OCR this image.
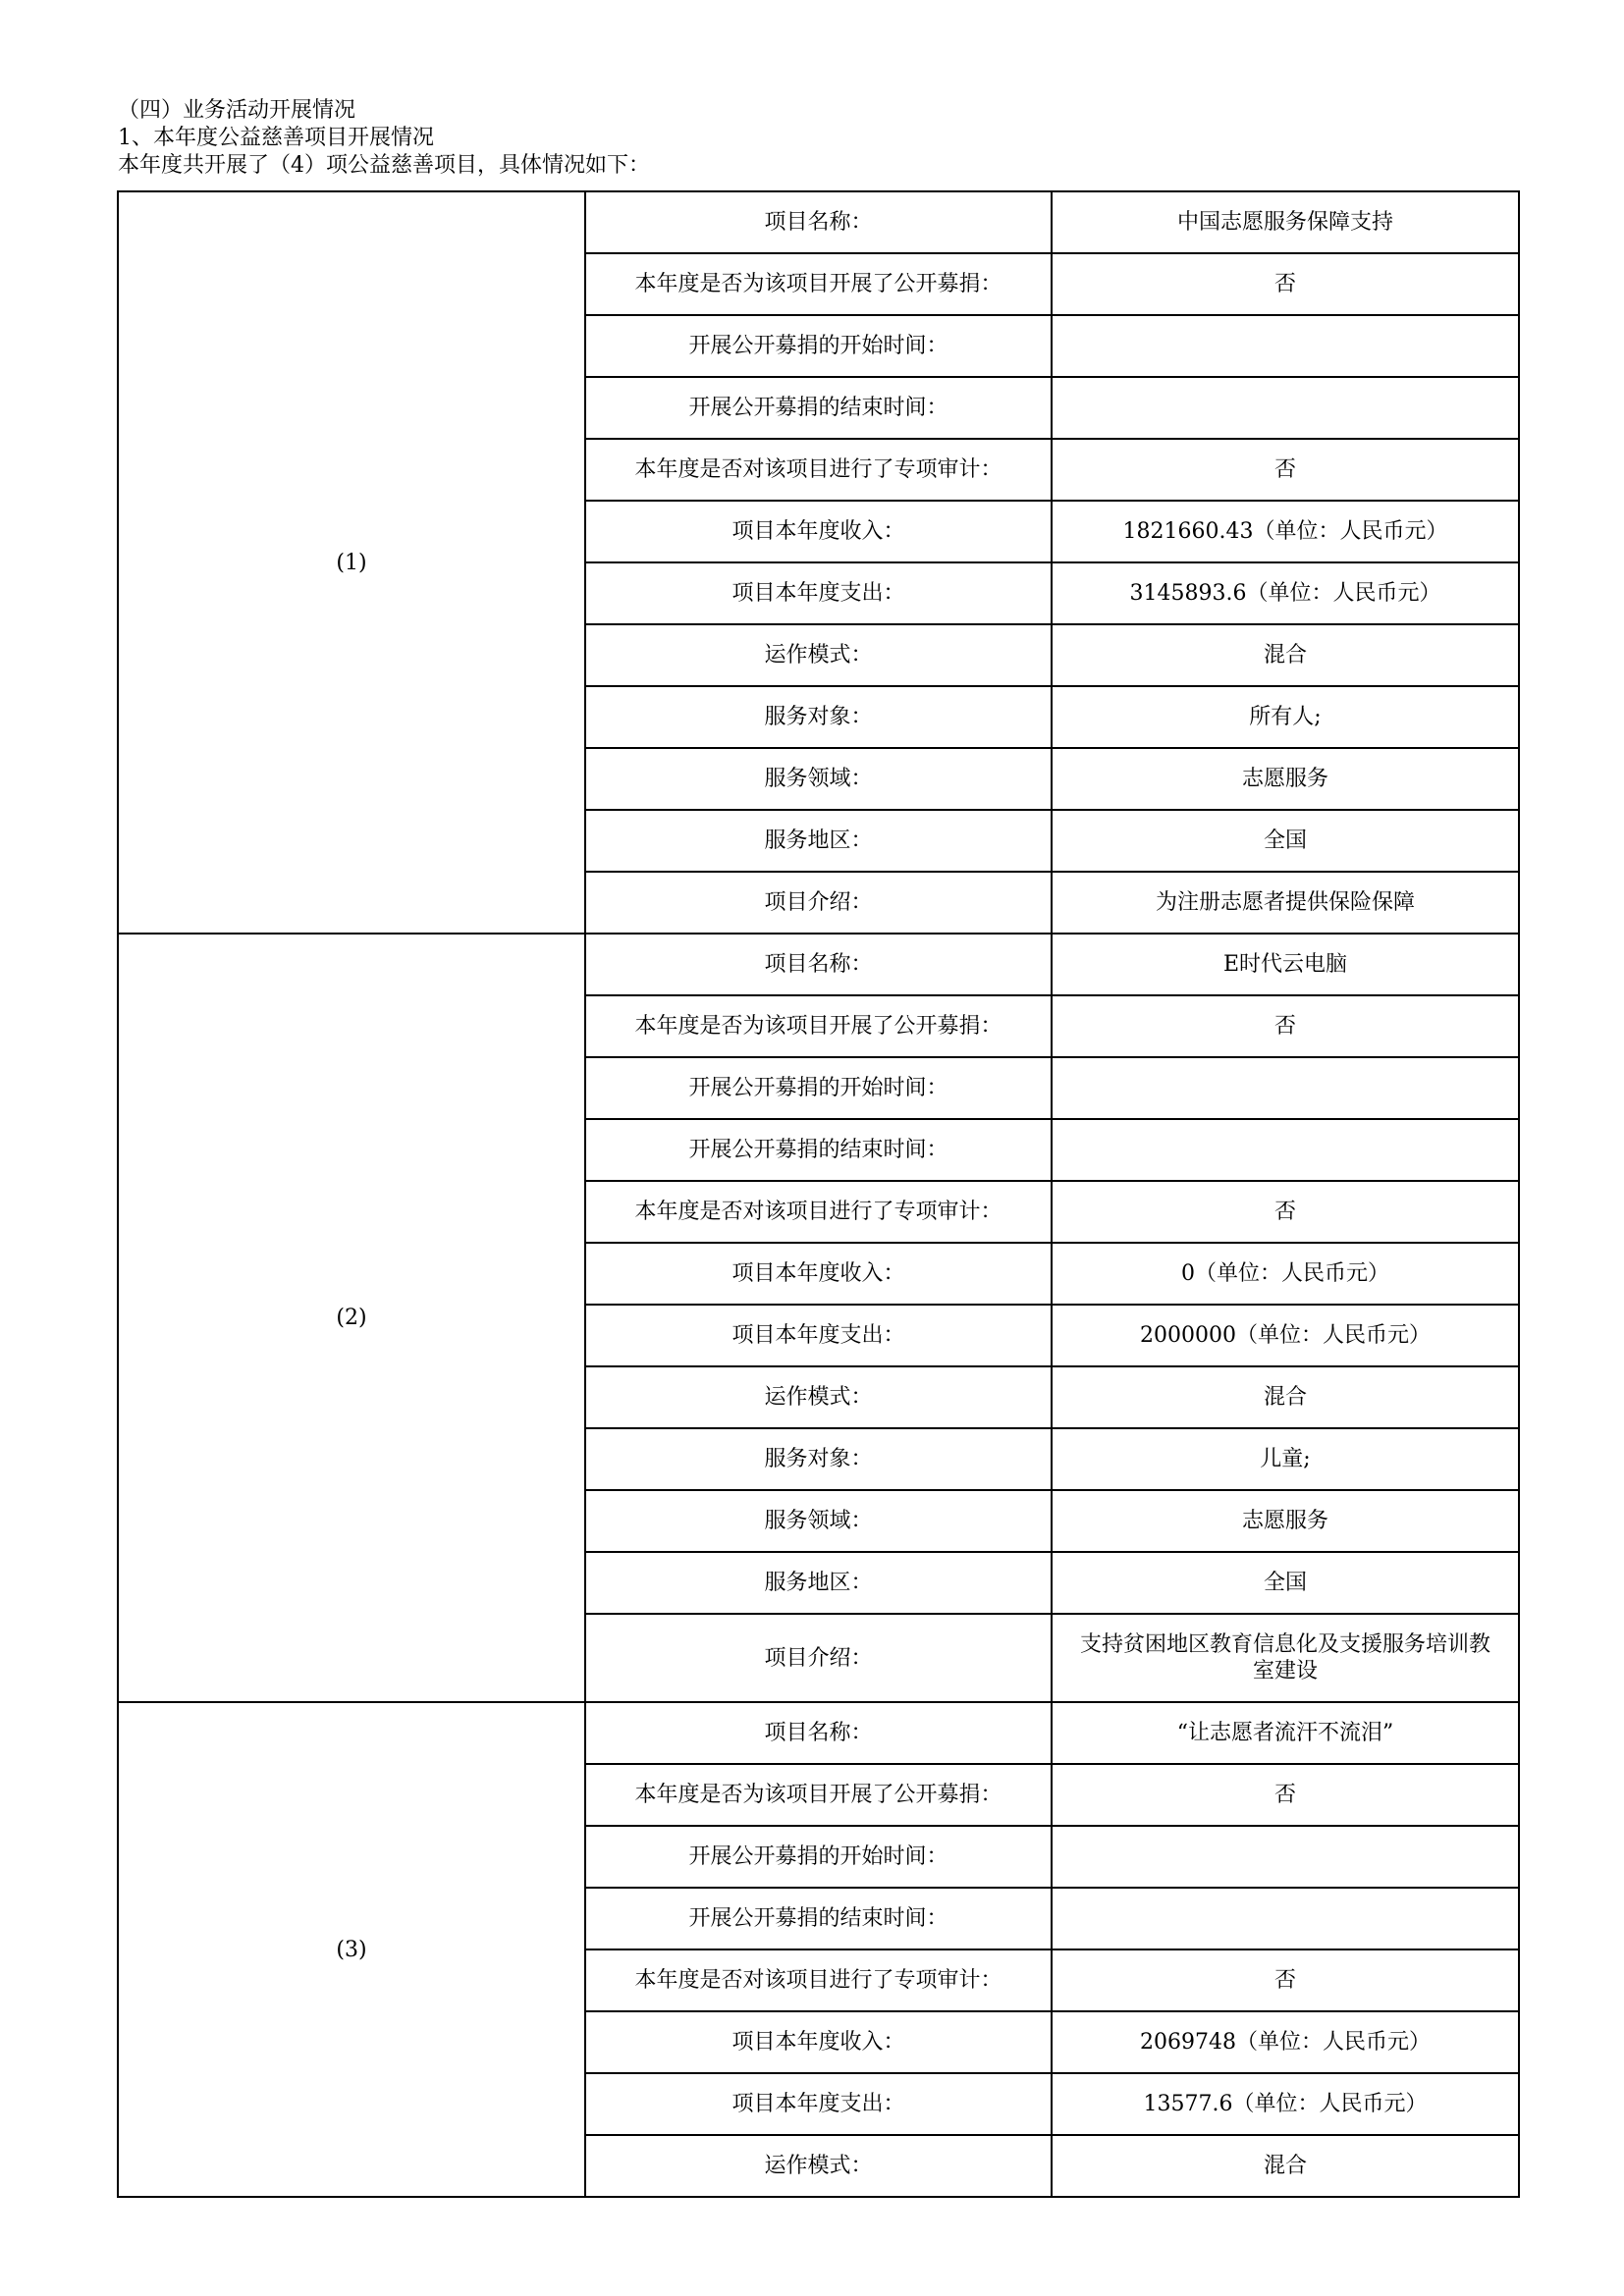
（四）业务活动开展情况
1、本年度公益慈善项目开展情况
本年度共开展了（4）项公益慈善项目，具体情况如下：
(1)	项目名称：	中国志愿服务保障支持
	本年度是否为该项目开展了公开募捐：	否
	开展公开募捐的开始时间：	
	开展公开募捐的结束时间：	
	本年度是否对该项目进行了专项审计：	否
	项目本年度收入：	1821660.43（单位：人民币元）
	项目本年度支出：	3145893.6（单位：人民币元）
	运作模式：	混合
	服务对象：	所有人;
	服务领域：	志愿服务
	服务地区：	全国
	项目介绍：	为注册志愿者提供保险保障
(2)	项目名称：	E时代云电脑
	本年度是否为该项目开展了公开募捐：	否
	开展公开募捐的开始时间：	
	开展公开募捐的结束时间：	
	本年度是否对该项目进行了专项审计：	否
	项目本年度收入：	0（单位：人民币元）
	项目本年度支出：	2000000（单位：人民币元）
	运作模式：	混合
	服务对象：	儿童;
	服务领域：	志愿服务
	服务地区：	全国
	项目介绍：	支持贫困地区教育信息化及支援服务培训教室建设
(3)	项目名称：	“让志愿者流汗不流泪”
	本年度是否为该项目开展了公开募捐：	否
	开展公开募捐的开始时间：	
	开展公开募捐的结束时间：	
	本年度是否对该项目进行了专项审计：	否
	项目本年度收入：	2069748（单位：人民币元）
	项目本年度支出：	13577.6（单位：人民币元）
	运作模式：	混合
